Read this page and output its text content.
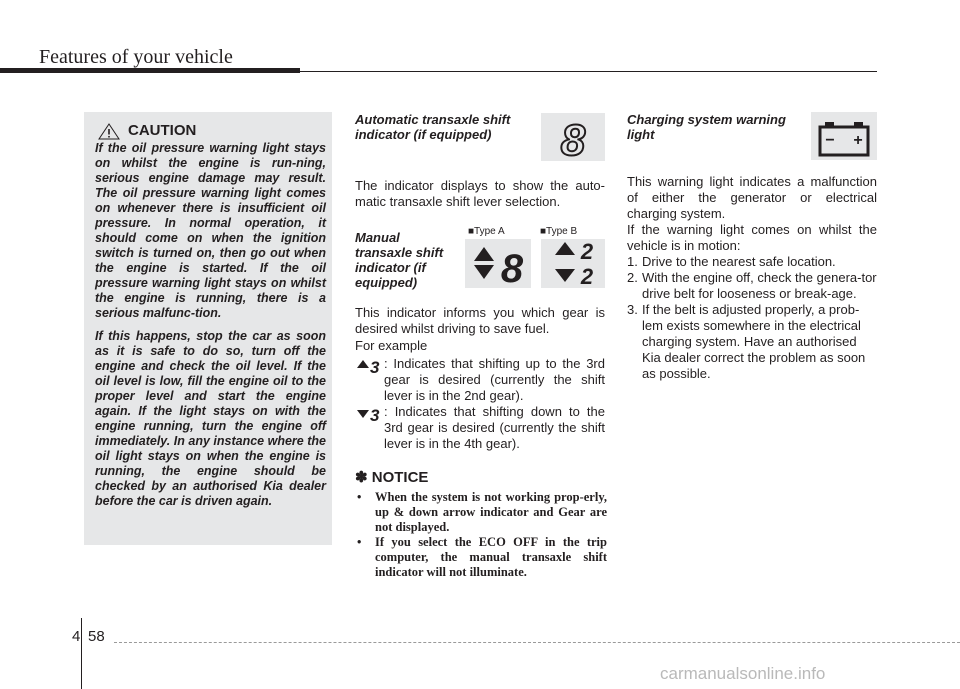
Features of your vehicle
CAUTION

If the oil pressure warning light stays on whilst the engine is run-ning, serious engine damage may result. The oil pressure warning light comes on whenever there is insufficient oil pressure. In normal operation, it should come on when the ignition switch is turned on, then go out when the engine is started. If the oil pressure warning light stays on whilst the engine is running, there is a serious malfunc-tion.

If this happens, stop the car as soon as it is safe to do so, turn off the engine and check the oil level. If the oil level is low, fill the engine oil to the proper level and start the engine again. If the light stays on with the engine running, turn the engine off immediately. In any instance where the oil light stays on when the engine is running, the engine should be checked by an authorised Kia dealer before the car is driven again.

Automatic transaxle shift indicator (if equipped)	8
The indicator displays to show the auto-matic transaxle shift lever selection.
Manual transaxle shift indicator (if equipped)
■Type A	■Type B
8	2
2
This indicator informs you which gear is desired whilst driving to save fuel.
For example
3 : Indicates that shifting up to the 3rd gear is desired (currently the shift lever is in the 2nd gear).
3 : Indicates that shifting down to the 3rd gear is desired (currently the shift lever is in the 4th gear).
✽ NOTICE
• When the system is not working prop-erly, up & down arrow indicator and Gear are not displayed.
• If you select the ECO OFF in the trip computer, the manual transaxle shift indicator will not illuminate.
Charging system warning light	− +
This warning light indicates a malfunction of either the generator or electrical charging system.
If the warning light comes on whilst the vehicle is in motion:
1. Drive to the nearest safe location.
2. With the engine off, check the genera-tor drive belt for looseness or break-age.
3. If the belt is adjusted properly, a prob-lem exists somewhere in the electrical charging system. Have an authorised Kia dealer correct the problem as soon as possible.
4 58
carmanualsonline.info
